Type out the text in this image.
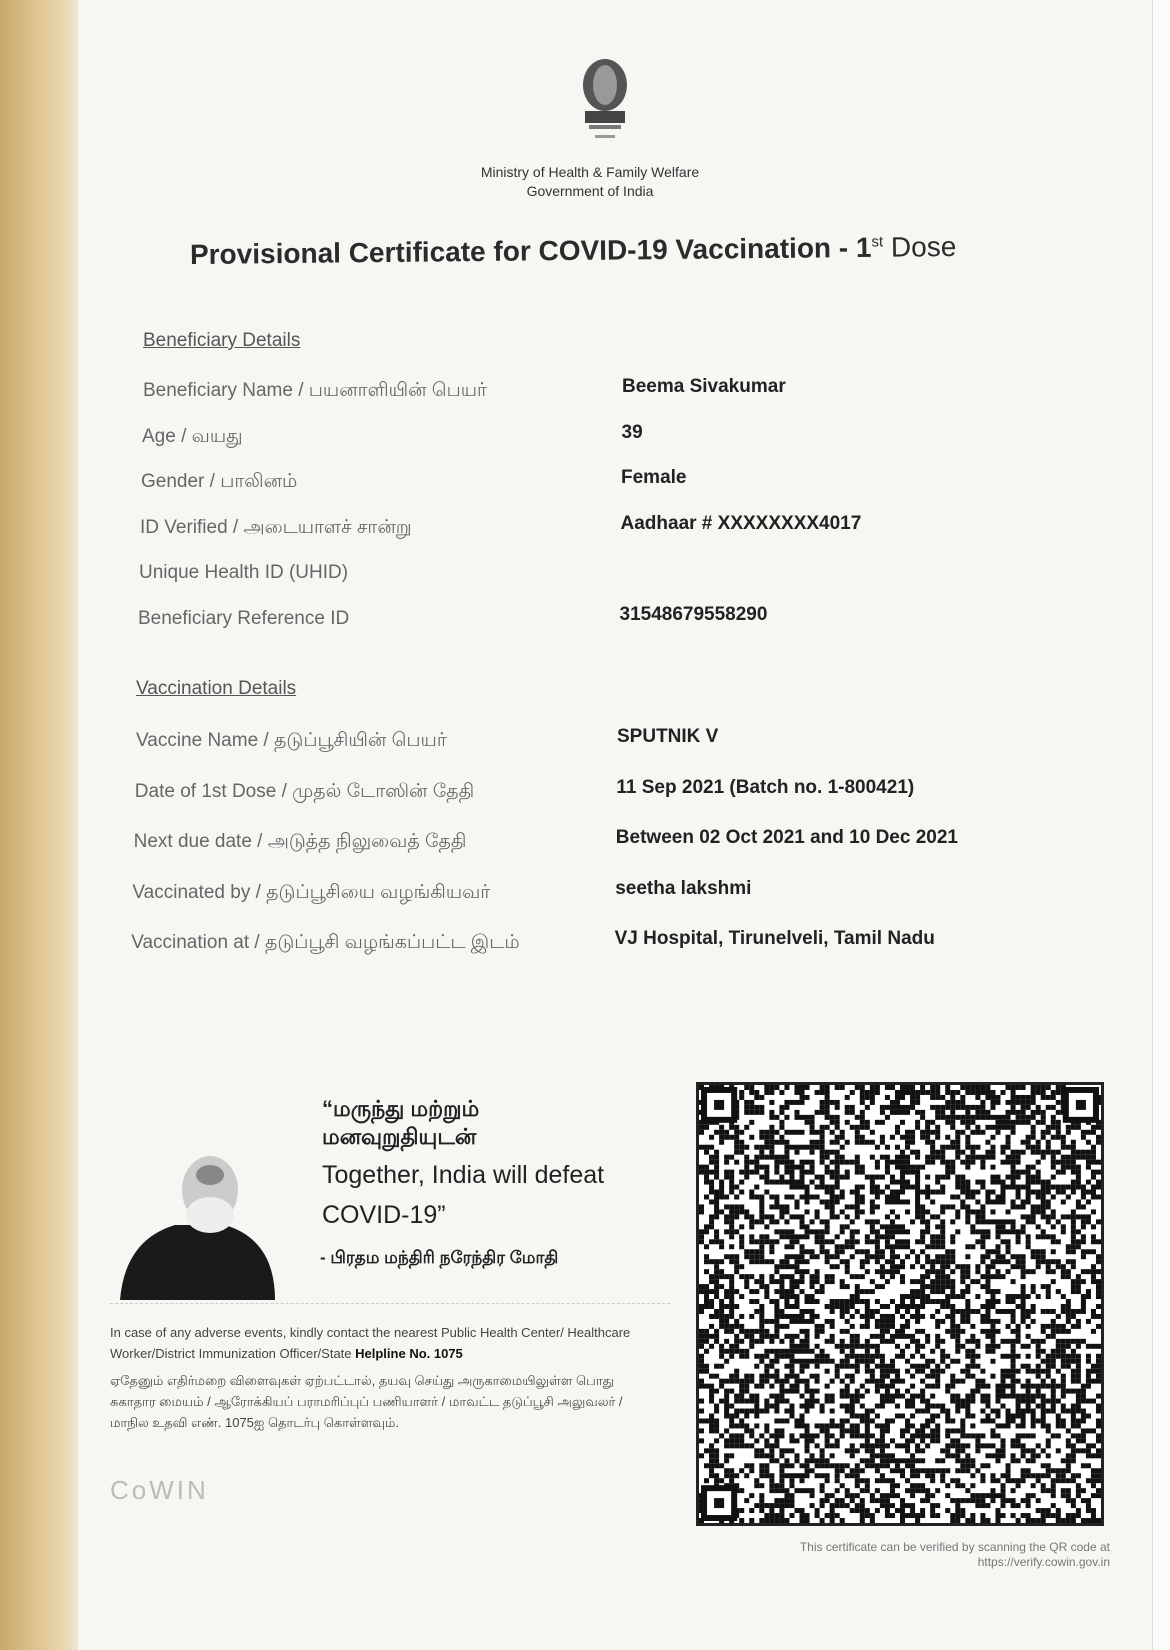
Ministry of Health & Family Welfare
Government of India
Provisional Certificate for COVID-19 Vaccination - 1st Dose
Beneficiary Details
Beneficiary Name / பயனாளியின் பெயர்	Beema Sivakumar
Age / வயது	39
Gender / பாலினம்	Female
ID Verified / அடையாளச் சான்று	Aadhaar # XXXXXXXX4017
Unique Health ID (UHID)
Beneficiary Reference ID	31548679558290
Vaccination Details
Vaccine Name / தடுப்பூசியின் பெயர்	SPUTNIK V
Date of 1st Dose / முதல் டோஸின் தேதி	11 Sep 2021 (Batch no. 1-800421)
Next due date / அடுத்த நிலுவைத் தேதி	Between 02 Oct 2021 and 10 Dec 2021
Vaccinated by / தடுப்பூசியை வழங்கியவர்	seetha lakshmi
Vaccination at / தடுப்பூசி வழங்கப்பட்ட இடம்	VJ Hospital, Tirunelveli, Tamil Nadu
“மருந்து மற்றும்
மனவுறுதியுடன்
Together, India will defeat
COVID-19”
- பிரதம மந்திரி நரேந்திர மோதி
In case of any adverse events, kindly contact the nearest Public Health Center/ Healthcare Worker/District Immunization Officer/State Helpline No. 1075
ஏதேனும் எதிர்மறை விளைவுகள் ஏற்பட்டால், தயவு செய்து அருகாமையிலுள்ள பொது சுகாதார மையம் / ஆரோக்கியப் பராமரிப்புப் பணியாளர் / மாவட்ட தடுப்பூசி அலுவலர் / மாநில உதவி எண். 1075ஐ தொடர்பு கொள்ளவும்.
CoWIN
This certificate can be verified by scanning the QR code at
https://verify.cowin.gov.in
